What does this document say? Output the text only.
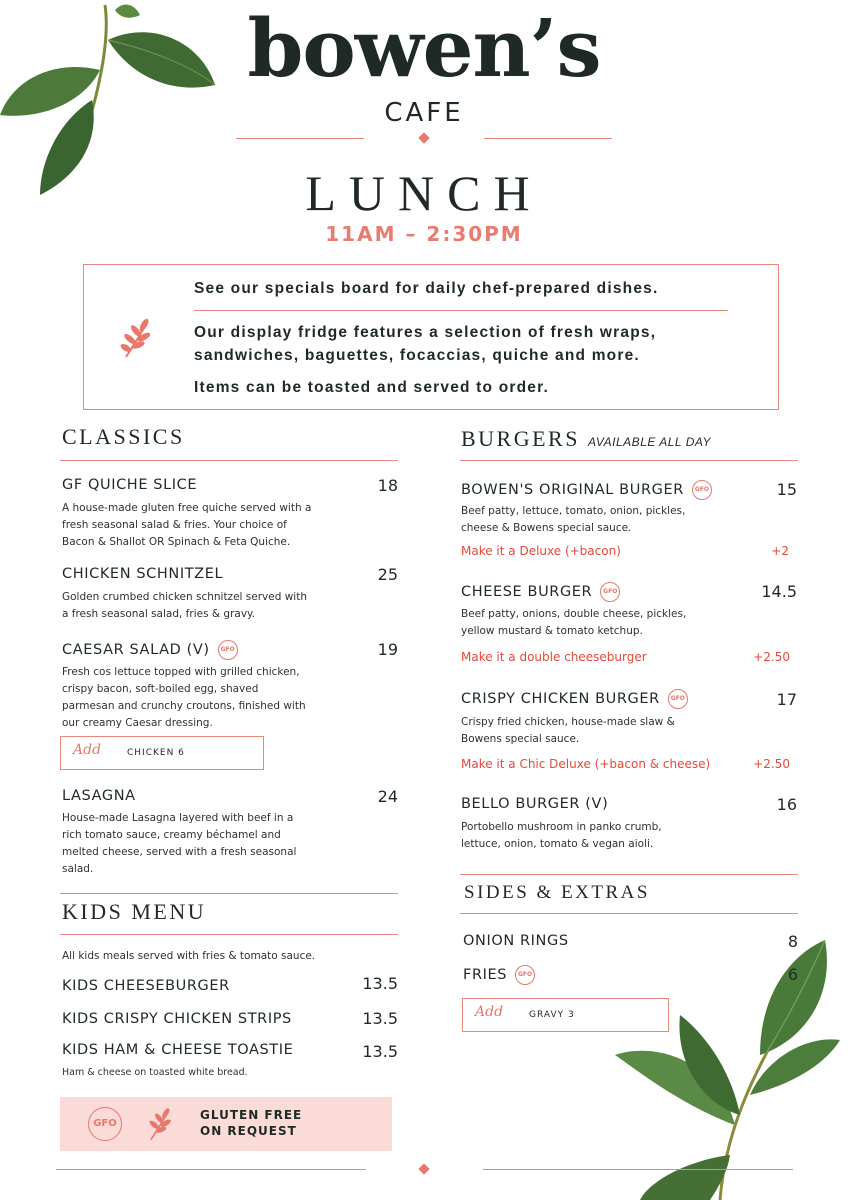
bowen’s
CAFE
LUNCH
11AM – 2:30PM
See our specials board for daily chef-prepared dishes.
Our display fridge features a selection of fresh wraps,
sandwiches, baguettes, focaccias, quiche and more.
Items can be toasted and served to order.
CLASSICS
GF QUICHE SLICE	18
A house-made gluten free quiche served with a
fresh seasonal salad & fries. Your choice of
Bacon & Shallot OR Spinach & Feta Quiche.
CHICKEN SCHNITZEL	25
Golden crumbed chicken schnitzel served with
a fresh seasonal salad, fries & gravy.
CAESAR SALAD (V) GFO	19
Fresh cos lettuce topped with grilled chicken,
crispy bacon, soft-boiled egg, shaved
parmesan and crunchy croutons, finished with
our creamy Caesar dressing.
Add	CHICKEN 6
LASAGNA	24
House-made Lasagna layered with beef in a
rich tomato sauce, creamy béchamel and
melted cheese, served with a fresh seasonal
salad.
KIDS MENU
All kids meals served with fries & tomato sauce.
KIDS CHEESEBURGER	13.5
KIDS CRISPY CHICKEN STRIPS	13.5
KIDS HAM & CHEESE TOASTIE	13.5
Ham & cheese on toasted white bread.
GFO
GLUTEN FREE
ON REQUEST
BURGERS AVAILABLE ALL DAY
BOWEN'S ORIGINAL BURGER GFO	15
Beef patty, lettuce, tomato, onion, pickles,
cheese & Bowens special sauce.
Make it a Deluxe (+bacon)	+2
CHEESE BURGER GFO	14.5
Beef patty, onions, double cheese, pickles,
yellow mustard & tomato ketchup.
Make it a double cheeseburger	+2.50
CRISPY CHICKEN BURGER GFO	17
Crispy fried chicken, house-made slaw &
Bowens special sauce.
Make it a Chic Deluxe (+bacon & cheese)	+2.50
BELLO BURGER (V)	16
Portobello mushroom in panko crumb,
lettuce, onion, tomato & vegan aioli.
SIDES & EXTRAS
ONION RINGS	8
FRIES GFO	6
Add	GRAVY 3
